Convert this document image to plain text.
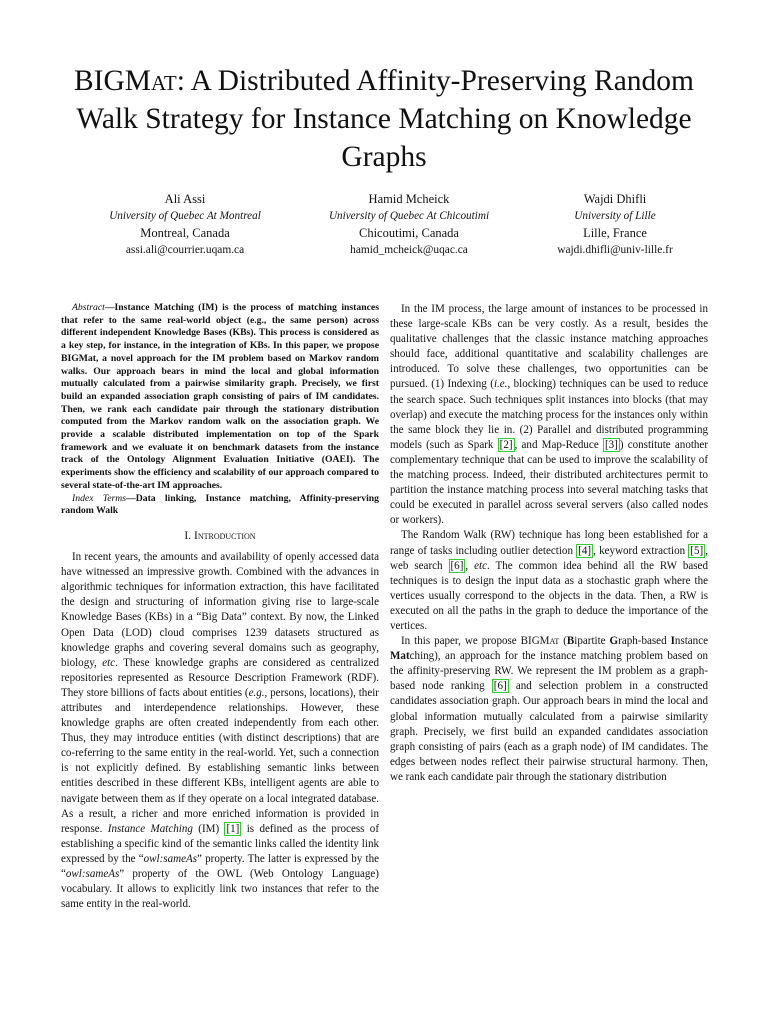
BIGMat: A Distributed Affinity-Preserving Random Walk Strategy for Instance Matching on Knowledge Graphs
Ali Assi
University of Quebec At Montreal
Montreal, Canada
assi.ali@courrier.uqam.ca
Hamid Mcheick
University of Quebec At Chicoutimi
Chicoutimi, Canada
hamid_mcheick@uqac.ca
Wajdi Dhifli
University of Lille
Lille, France
wajdi.dhifli@univ-lille.fr

Abstract—Instance Matching (IM) is the process of matching instances that refer to the same real-world object (e.g., the same person) across different independent Knowledge Bases (KBs). This process is considered as a key step, for instance, in the integration of KBs. In this paper, we propose BIGMat, a novel approach for the IM problem based on Markov random walks. Our approach bears in mind the local and global information mutually calculated from a pairwise similarity graph. Precisely, we first build an expanded association graph consisting of pairs of IM candidates. Then, we rank each candidate pair through the stationary distribution computed from the Markov random walk on the association graph. We provide a scalable distributed implementation on top of the Spark framework and we evaluate it on benchmark datasets from the instance track of the Ontology Alignment Evaluation Initiative (OAEI). The experiments show the efficiency and scalability of our approach compared to several state-of-the-art IM approaches.

Index Terms—Data linking, Instance matching, Affinity-preserving random Walk

I. Introduction

In recent years, the amounts and availability of openly accessed data have witnessed an impressive growth. Combined with the advances in algorithmic techniques for information extraction, this have facilitated the design and structuring of information giving rise to large-scale Knowledge Bases (KBs) in a “Big Data” context. By now, the Linked Open Data (LOD) cloud comprises 1239 datasets structured as knowledge graphs and covering several domains such as geography, biology, etc. These knowledge graphs are considered as centralized repositories represented as Resource Description Framework (RDF). They store billions of facts about entities (e.g., persons, locations), their attributes and interdependence relationships. However, these knowledge graphs are often created independently from each other. Thus, they may introduce entities (with distinct descriptions) that are co-referring to the same entity in the real-world. Yet, such a connection is not explicitly defined. By establishing semantic links between entities described in these different KBs, intelligent agents are able to navigate between them as if they operate on a local integrated database. As a result, a richer and more enriched information is provided in response. Instance Matching (IM) [1] is defined as the process of establishing a specific kind of the semantic links called the identity link expressed by the “owl:sameAs” property. The latter is expressed by the “owl:sameAs” property of the OWL (Web Ontology Language) vocabulary. It allows to explicitly link two instances that refer to the same entity in the real-world.

In the IM process, the large amount of instances to be processed in these large-scale KBs can be very costly. As a result, besides the qualitative challenges that the classic instance matching approaches should face, additional quantitative and scalability challenges are introduced. To solve these challenges, two opportunities can be pursued. (1) Indexing (i.e., blocking) techniques can be used to reduce the search space. Such techniques split instances into blocks (that may overlap) and execute the matching process for the instances only within the same block they lie in. (2) Parallel and distributed programming models (such as Spark [2] , and Map-Reduce [3] ) constitute another complementary technique that can be used to improve the scalability of the matching process. Indeed, their distributed architectures permit to partition the instance matching process into several matching tasks that could be executed in parallel across several servers (also called nodes or workers).

The Random Walk (RW) technique has long been established for a range of tasks including outlier detection [4] , keyword extraction [5] , web search [6] , etc. The common idea behind all the RW based techniques is to design the input data as a stochastic graph where the vertices usually correspond to the objects in the data. Then, a RW is executed on all the paths in the graph to deduce the importance of the vertices.

In this paper, we propose BIGMat (Bipartite Graph-based Instance Matching), an approach for the instance matching problem based on the affinity-preserving RW. We represent the IM problem as a graph-based node ranking [6] and selection problem in a constructed candidates association graph. Our approach bears in mind the local and global information mutually calculated from a pairwise similarity graph. Precisely, we first build an expanded candidates association graph consisting of pairs (each as a graph node) of IM candidates. The edges between nodes reflect their pairwise structural harmony. Then, we rank each candidate pair through the stationary distribution
